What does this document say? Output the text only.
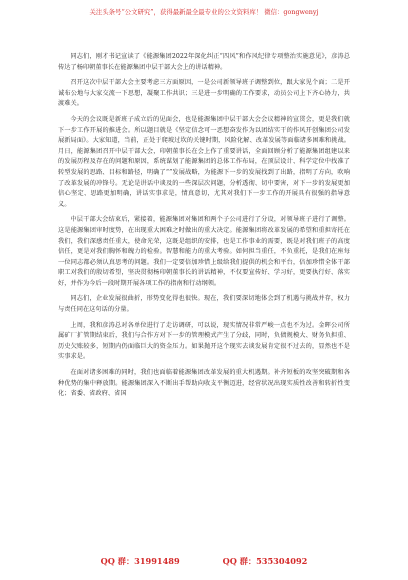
关注头条号“公文研究”，获得最新最全最专业的公文资料库！ 微信：gongwenyj

同志们，刚才书记宣读了《能源集团2022年深化纠正“四风”和作风纪律专项整治实施意见》，彦涛总传达了杨印朝董事长在能源集团中层干部大会上的讲话精神。

召开这次中层干部大会主要考虑三方面原因，一是公司新领导班子调整到位，跟大家见个面；二是开诚布公地与大家交流一下思想，凝聚工作共识；三是进一步明确的工作要求，动员公司上下齐心协力，共渡难关。

今天的会议既是新班子成立后的见面会，也是能源集团中层干部大会会议精神的宣贯会，更是我们就下一步工作开展的推进会。所以题目就是《坚定信念可一恶想奋发作为以团结实干的作风开创集团公司发展新局面》。大家知道，当前，正处于爬坡过坎的关键时期，风险化解、改革发展等面临诸多困难和挑战。月日，能源集团召开中层干部大会，印朝董事长在会上作了重要讲话，全面回顾分析了能源集团组建以来的发展历程及存在的问题和原因，系统谋划了能源集团的总体工作布局，在顶层设计、科学定位中找准了转型发展的思路、目标和路径，明确了“”发展战略，为能源下一步的发展找到了出路，指明了方向，吹响了改革发展的冲锋号。无论是讲话中谈及的一些深层次问题，分析透彻、切中要害，对下一步的发展更加信心坚定、思路更加明确，讲话实事求是，情真意切，尤其对我们下一步工作的开展具有很强的指导意义。

中层干部大会结束后，紧接着，能源集团对集团和两个子公司进行了分设，对领导班子进行了调整。这是能源集团审时度势，在出现重大困难之时做出的重大决定。能源集团将改革发展的希望和重担寄托在我们，我们深感责任重大，使命光荣，这既是组织的安排，也是工作事业的需要，既是对我们班子的高度信任，更是对我们胸怀和魄力的检验。智慧和能力的重大考验。如何担当重任，不负重托，是我们在座每一位同志都必须认真思考的问题。我们一定要倍加珍惜上级给我们提供的机会和平台，倍加珍惜全体干部职工对我们的殷切希望，坚决贯彻杨印朝董事长的讲话精神，不仅要宣传好、学习好，更要执行好、落实好，并作为今后一段时期开展各项工作的指南和行动纲领。

同志们，企业发展很曲折，形势变化得也很快。现在，我们要深切地体会到了机遇与挑战并存，权力与责任同在这句话的分量。

上周，我和彦涛总对各单位进行了走访调研，可以说，现实情况非常严峻一点也不为过。金晖公司所属矿厂扩管期结束后，我们与合作方对下一步的管理模式产生了分歧，同时，负债规模大、财务负担重、历史欠账较多，短期内仍面临巨大的资金压力。如果抛开这个现实去谈发展肯定很不过去的，显然也不是实事求是。

在面对诸多困难的同时，我们也面临着能源集团改革发展的重大机遇期。补齐短板的攻坚突破期和各种优势的集中释放期。能源集团深入不断出手帮助向收支平衡迈进，经营状况出现实质性改善和转折性变化；省委、省政府、省国

QQ 群：31991489	QQ 群：535304092
